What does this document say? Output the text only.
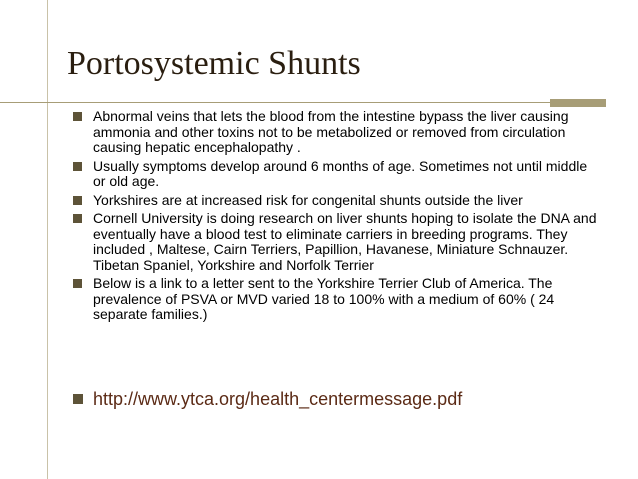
Portosystemic Shunts
Abnormal veins that lets the blood from the intestine bypass the liver causing ammonia and other toxins not to be metabolized or removed from circulation causing hepatic encephalopathy .
Usually symptoms develop around 6 months of age. Sometimes not until middle or old age.
Yorkshires are at increased risk for congenital shunts outside the liver
Cornell University is doing research on liver shunts hoping to isolate the DNA and eventually have a blood test to eliminate carriers in breeding programs. They included , Maltese, Cairn Terriers, Papillion, Havanese, Miniature Schnauzer. Tibetan Spaniel, Yorkshire and Norfolk Terrier
Below is a link to a letter sent to the Yorkshire Terrier Club of America. The prevalence of PSVA or MVD varied 18 to 100% with a medium of 60% ( 24 separate families.)
http://www.ytca.org/health_centermessage.pdf
